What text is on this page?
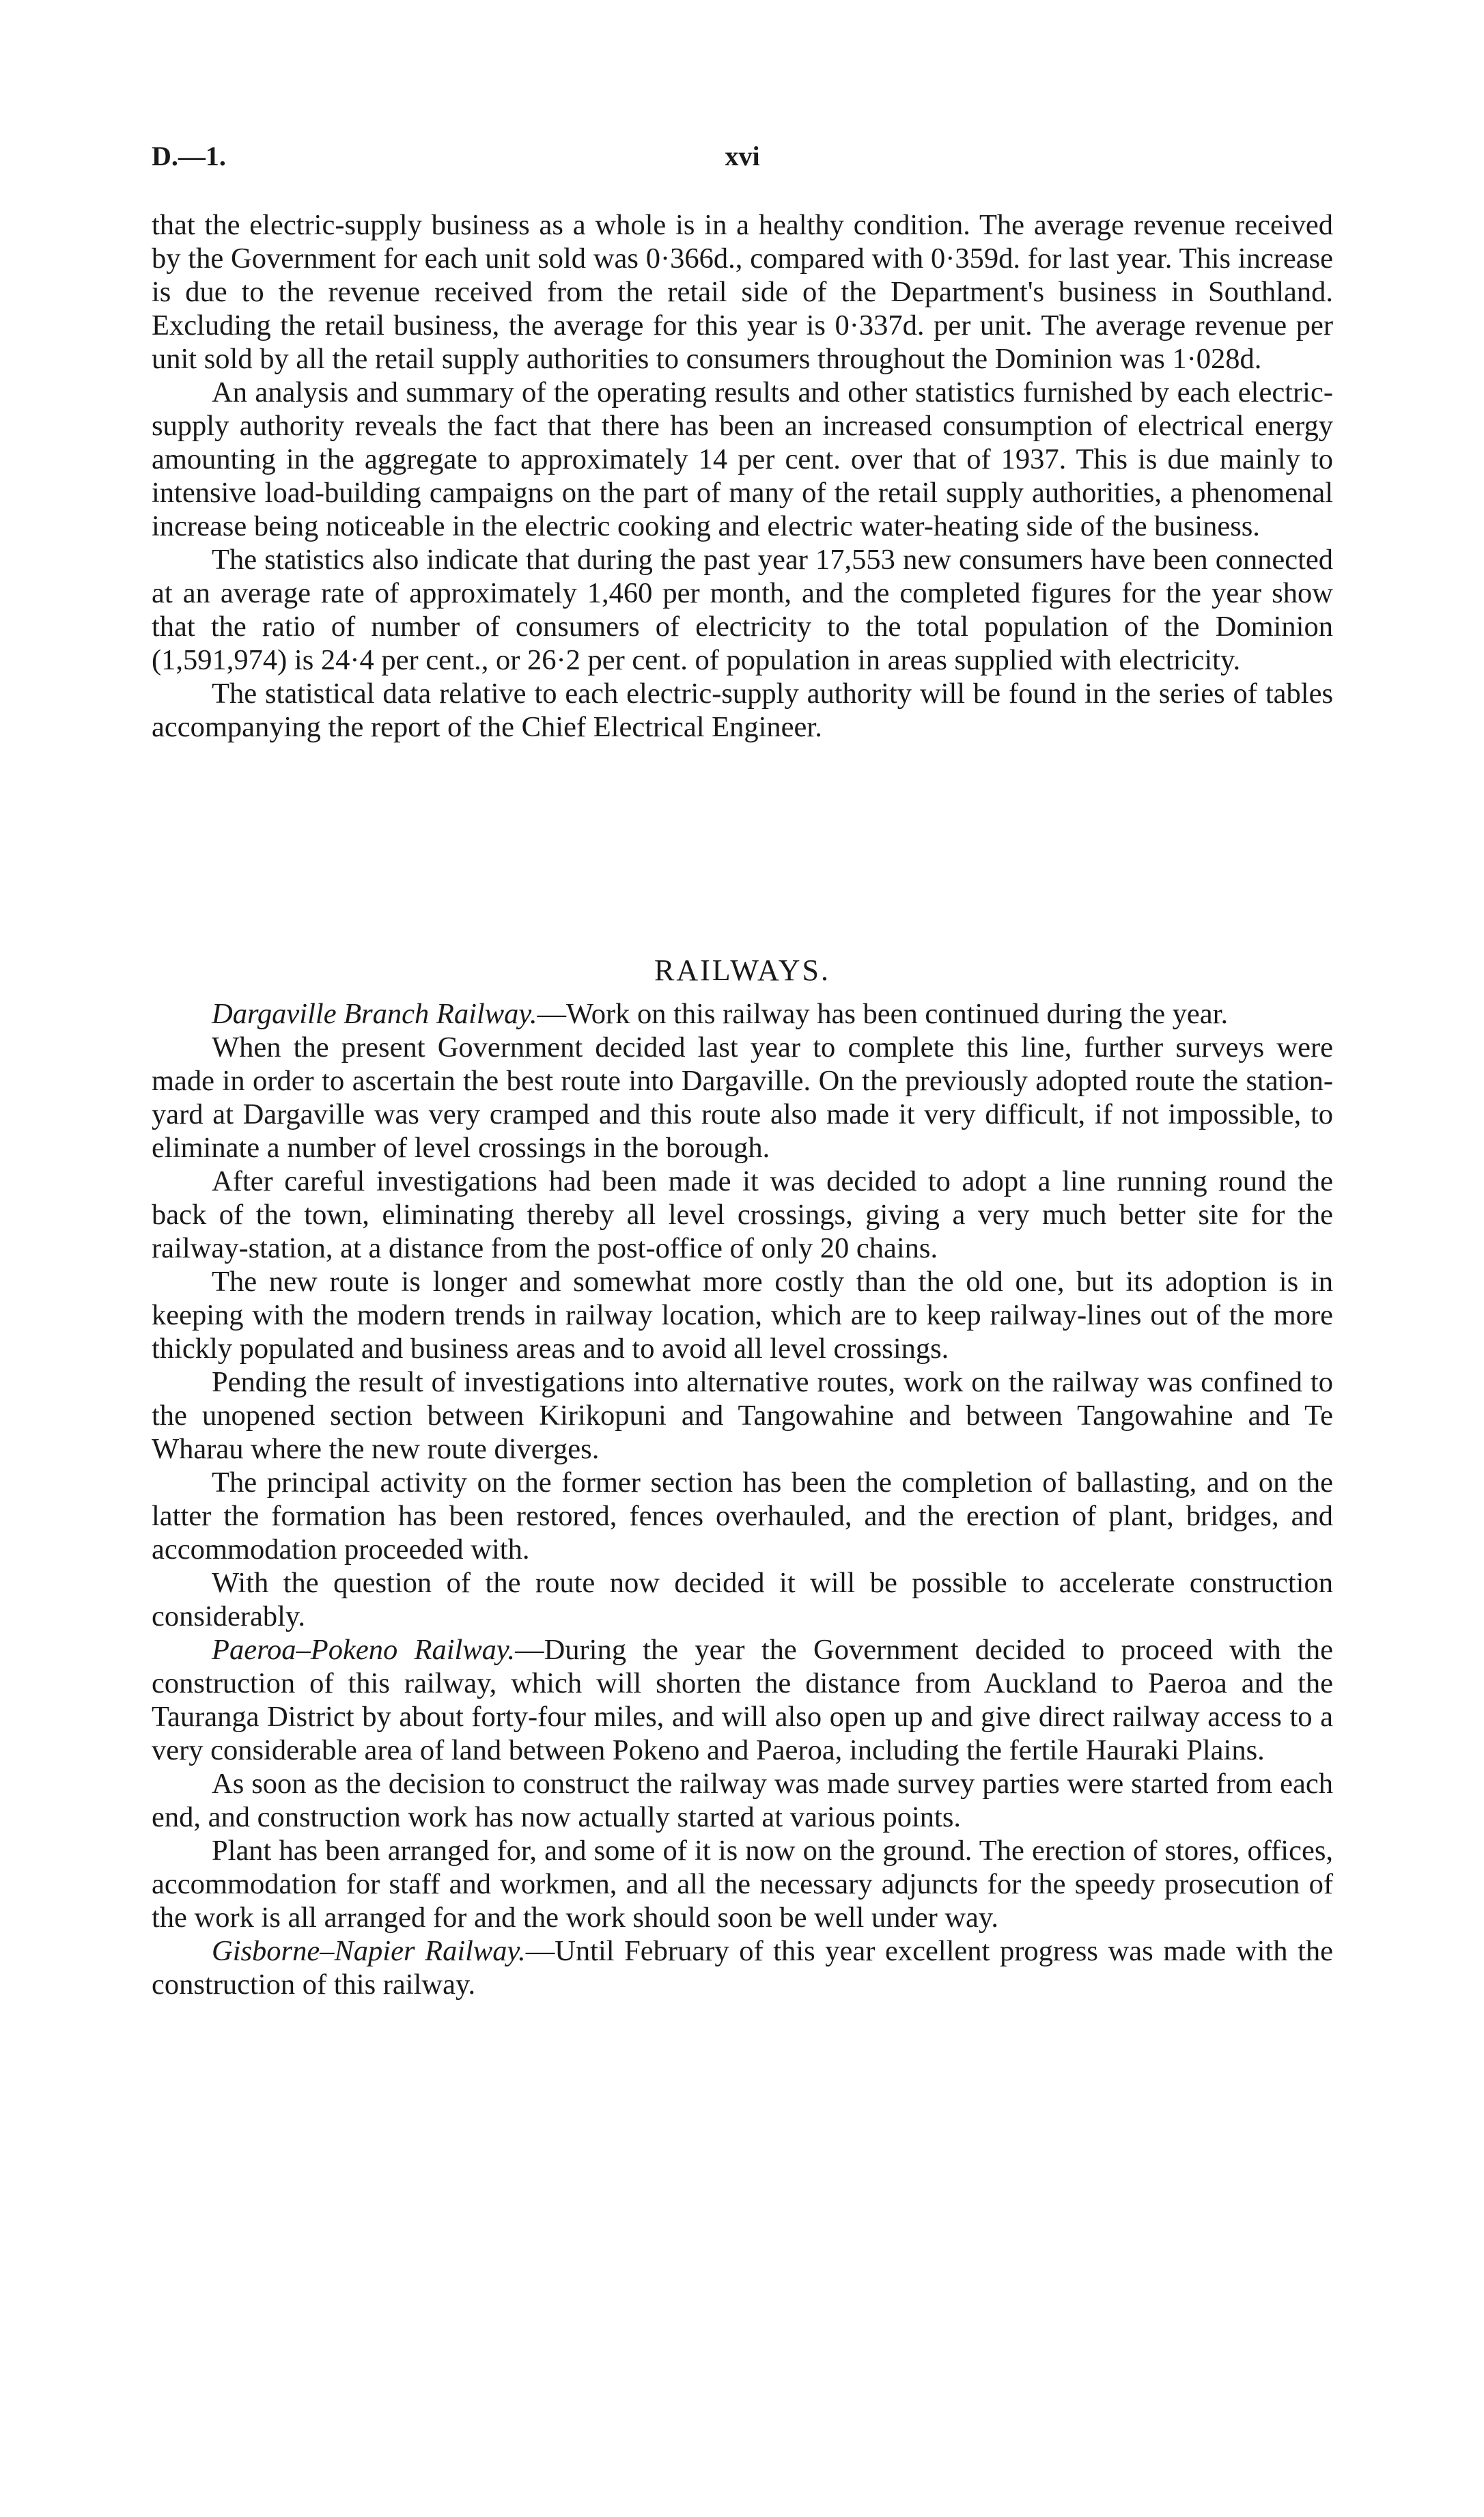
D.—1.	xvi

that the electric-supply business as a whole is in a healthy condition. The average revenue received by the Government for each unit sold was 0·366d., compared with 0·359d. for last year. This increase is due to the revenue received from the retail side of the Department's business in Southland. Excluding the retail business, the average for this year is 0·337d. per unit. The average revenue per unit sold by all the retail supply authorities to consumers throughout the Dominion was 1·028d.

An analysis and summary of the operating results and other statistics furnished by each electric-supply authority reveals the fact that there has been an increased consumption of electrical energy amounting in the aggregate to approximately 14 per cent. over that of 1937. This is due mainly to intensive load-building campaigns on the part of many of the retail supply authorities, a phenomenal increase being noticeable in the electric cooking and electric water-heating side of the business.

The statistics also indicate that during the past year 17,553 new consumers have been connected at an average rate of approximately 1,460 per month, and the completed figures for the year show that the ratio of number of consumers of electricity to the total population of the Dominion (1,591,974) is 24·4 per cent., or 26·2 per cent. of population in areas supplied with electricity.

The statistical data relative to each electric-supply authority will be found in the series of tables accompanying the report of the Chief Electrical Engineer.

RAILWAYS.

Dargaville Branch Railway.—Work on this railway has been continued during the year.

When the present Government decided last year to complete this line, further surveys were made in order to ascertain the best route into Dargaville. On the previously adopted route the station-yard at Dargaville was very cramped and this route also made it very difficult, if not impossible, to eliminate a number of level crossings in the borough.

After careful investigations had been made it was decided to adopt a line running round the back of the town, eliminating thereby all level crossings, giving a very much better site for the railway-station, at a distance from the post-office of only 20 chains.

The new route is longer and somewhat more costly than the old one, but its adoption is in keeping with the modern trends in railway location, which are to keep railway-lines out of the more thickly populated and business areas and to avoid all level crossings.

Pending the result of investigations into alternative routes, work on the railway was confined to the unopened section between Kirikopuni and Tangowahine and between Tangowahine and Te Wharau where the new route diverges.

The principal activity on the former section has been the completion of ballasting, and on the latter the formation has been restored, fences overhauled, and the erection of plant, bridges, and accommodation proceeded with.

With the question of the route now decided it will be possible to accelerate construction considerably.

Paeroa–Pokeno Railway.—During the year the Government decided to proceed with the construction of this railway, which will shorten the distance from Auckland to Paeroa and the Tauranga District by about forty-four miles, and will also open up and give direct railway access to a very considerable area of land between Pokeno and Paeroa, including the fertile Hauraki Plains.

As soon as the decision to construct the railway was made survey parties were started from each end, and construction work has now actually started at various points.

Plant has been arranged for, and some of it is now on the ground. The erection of stores, offices, accommodation for staff and workmen, and all the necessary adjuncts for the speedy prosecution of the work is all arranged for and the work should soon be well under way.

Gisborne–Napier Railway.—Until February of this year excellent progress was made with the construction of this railway.
